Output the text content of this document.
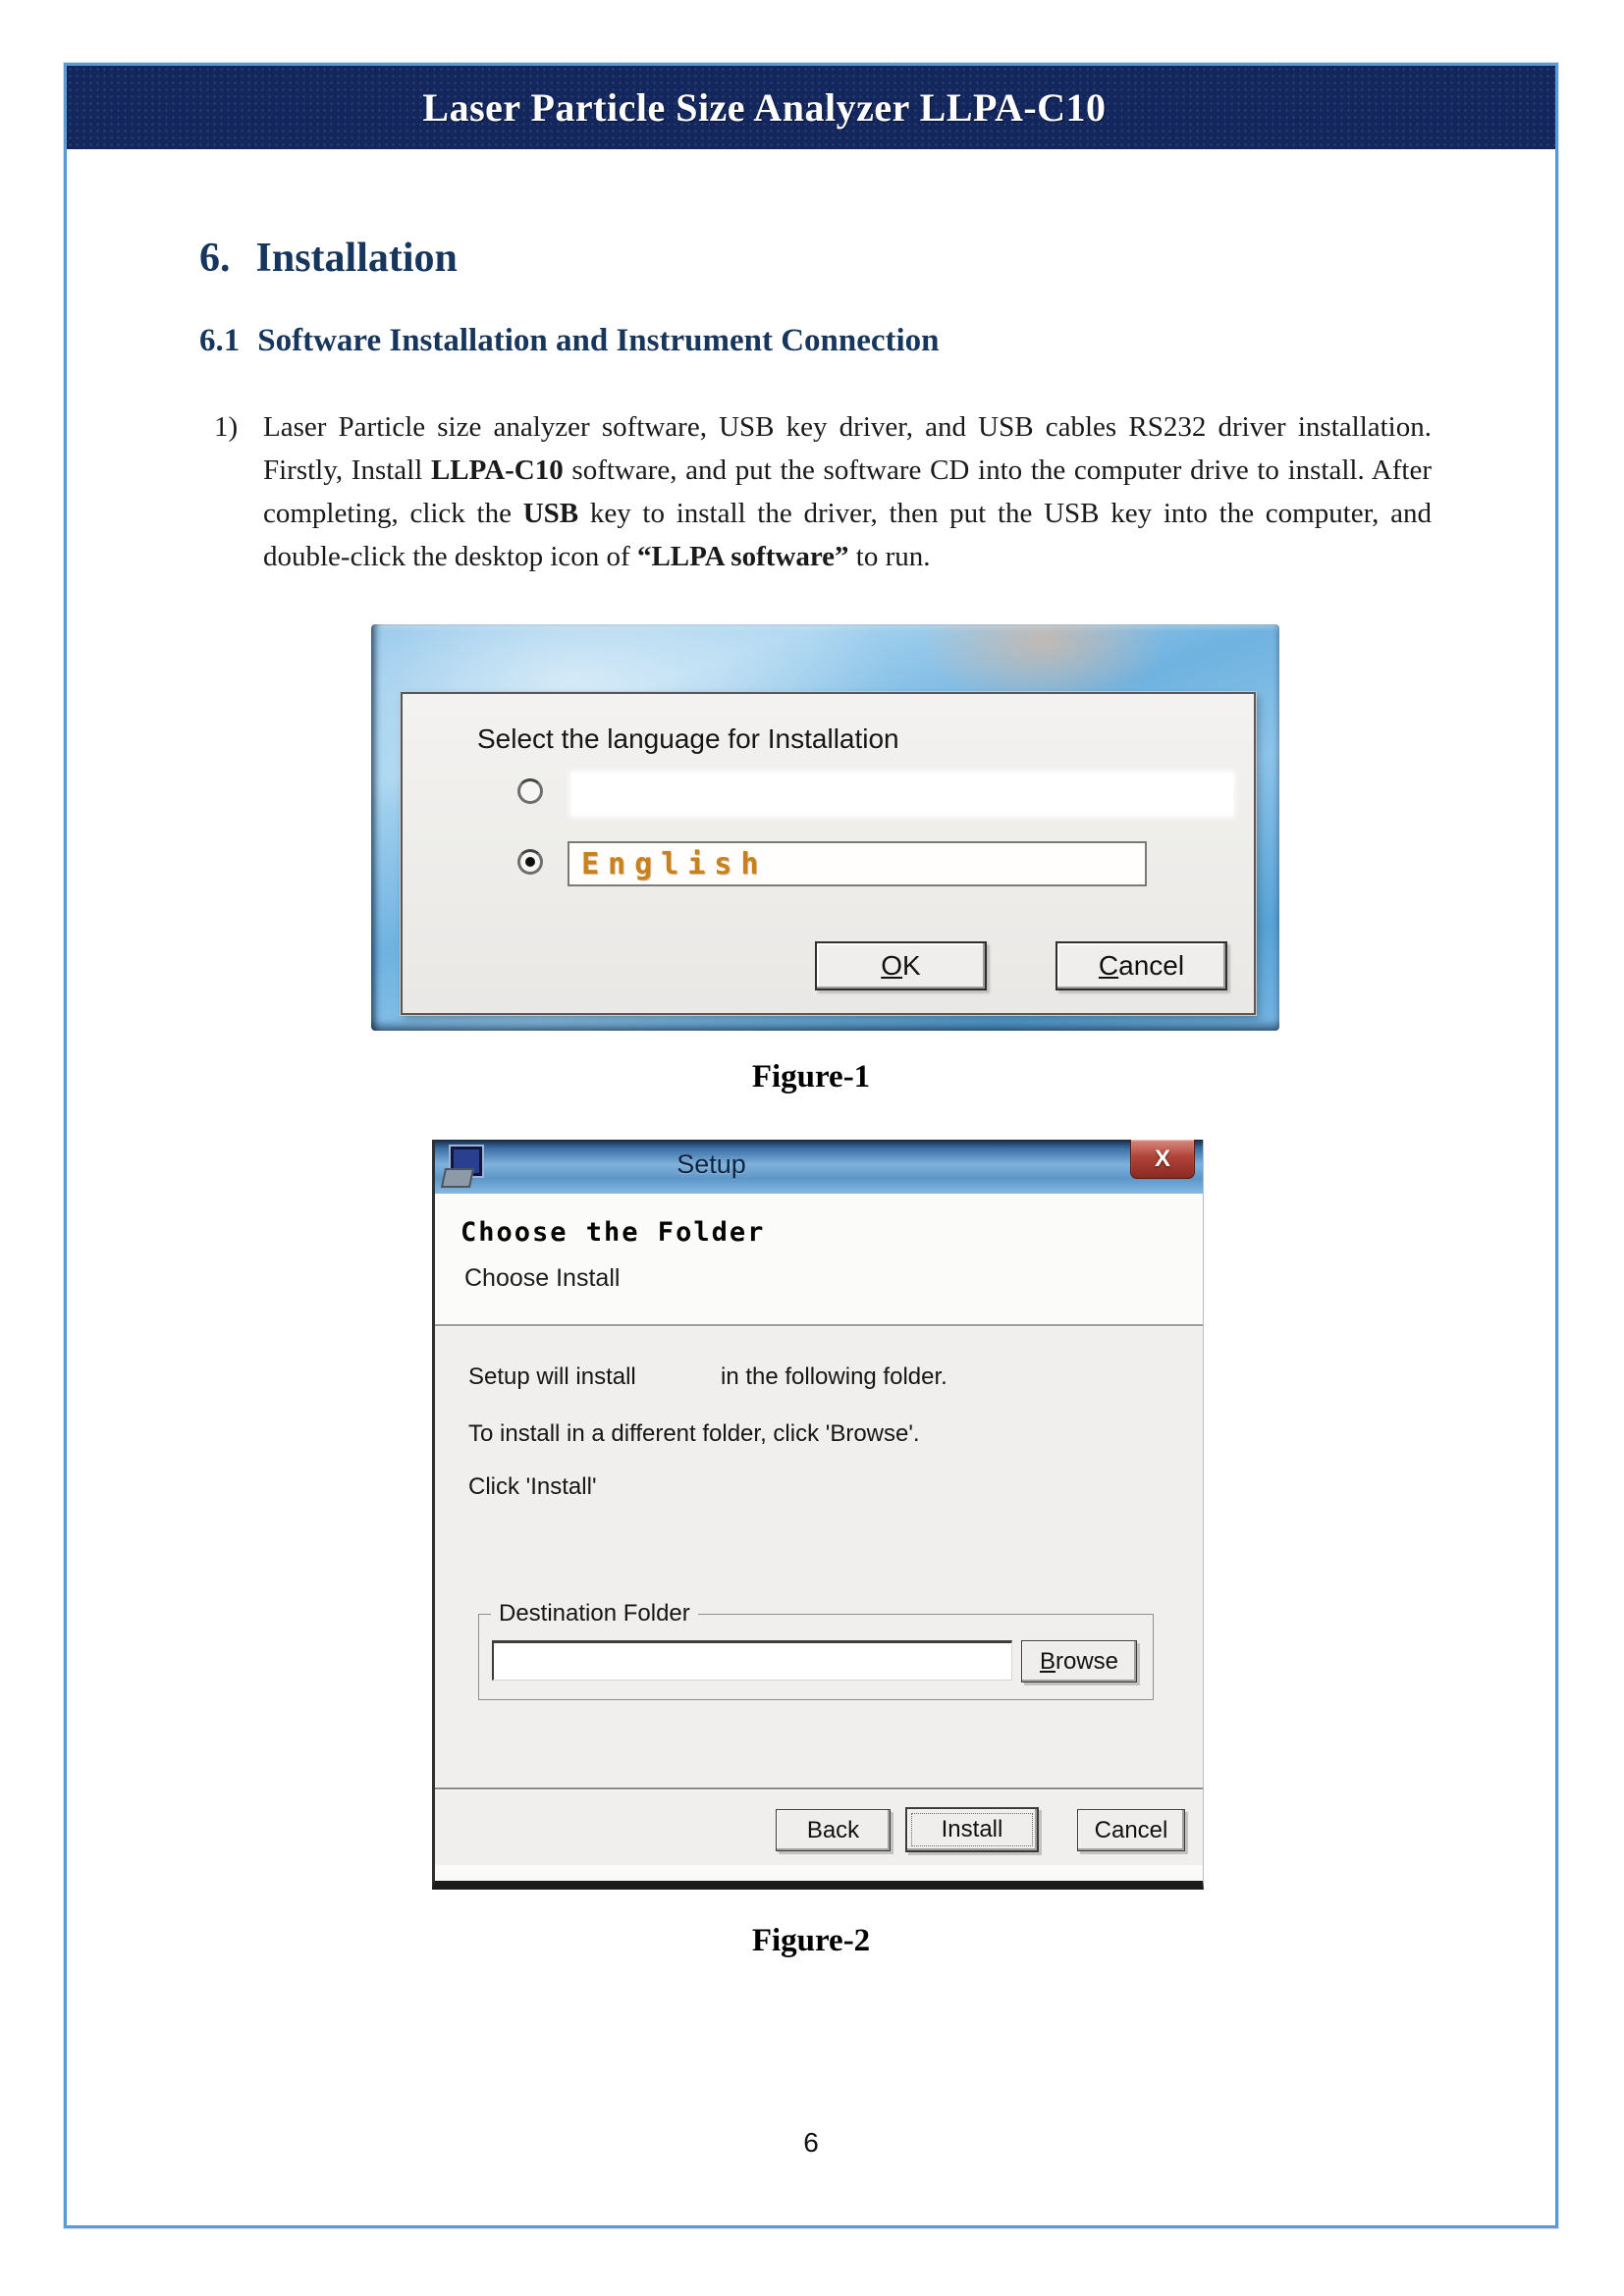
Laser Particle Size Analyzer LLPA-C10
6. Installation
6.1 Software Installation and Instrument Connection
1) Laser Particle size analyzer software, USB key driver, and USB cables RS232 driver installation. Firstly, Install LLPA-C10 software, and put the software CD into the computer drive to install. After completing, click the USB key to install the driver, then put the USB key into the computer, and double-click the desktop icon of “LLPA software” to run.
Select the language for Installation
English
O K	C ancel
Figure-1
Setup	X
Choose the Folder
Choose Install
Setup will install	in the following folder.
To install in a different folder, click 'Browse'.
Click 'Install'
Destination Folder
B rowse
Back	Install	Cancel
Figure-2
6
